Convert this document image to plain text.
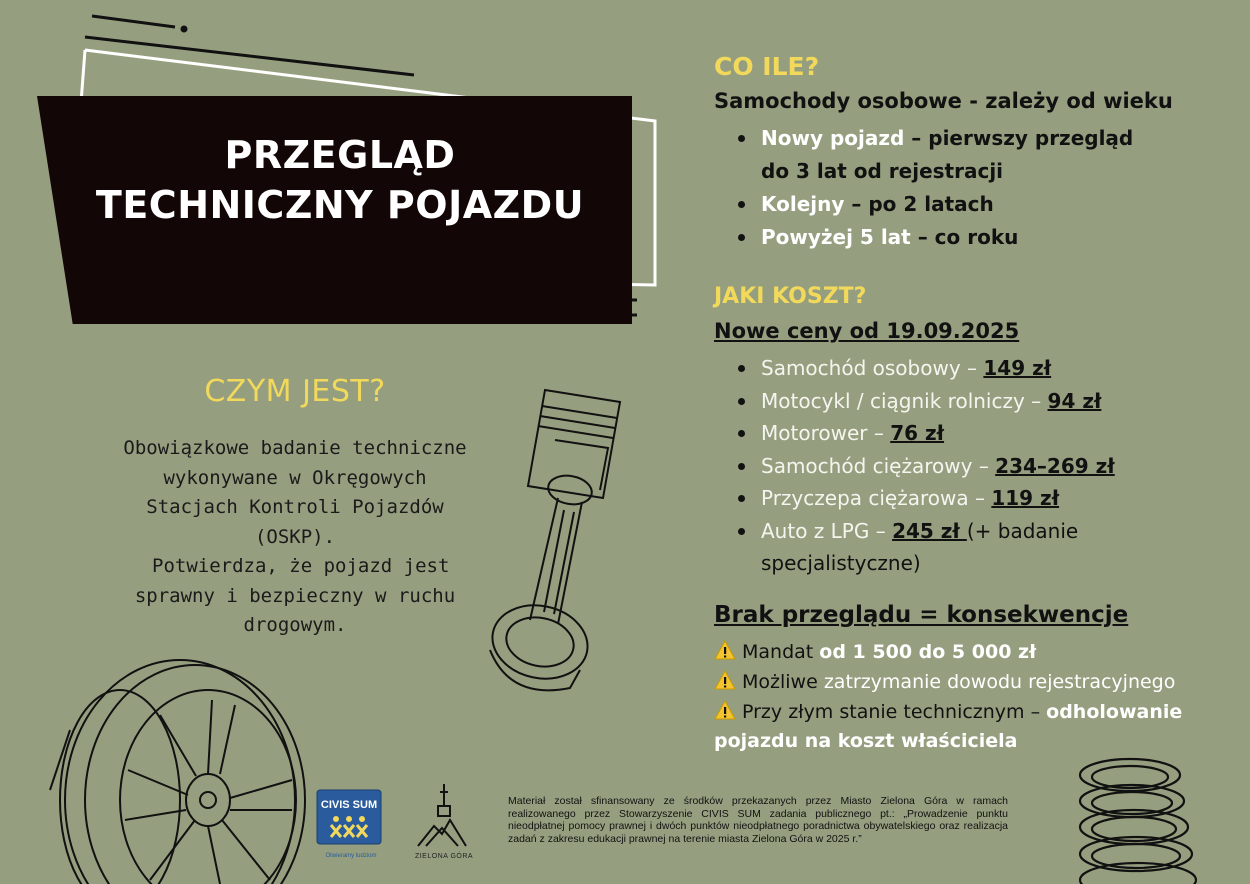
PRZEGLĄD
TECHNICZNY POJAZDU
CZYM JEST?
Obowiązkowe badanie techniczne
wykonywane w Okręgowych
Stacjach Kontroli Pojazdów
(OSKP).
Potwierdza, że pojazd jest
sprawny i bezpieczny w ruchu
drogowym.
CO ILE?
Samochody osobowe - zależy od wieku
Nowy pojazd – pierwszy przegląd
do 3 lat od rejestracji
Kolejny – po 2 latach
Powyżej 5 lat – co roku
JAKI KOSZT?
Nowe ceny od 19.09.2025
Samochód osobowy – 149 zł
Motocykl / ciągnik rolniczy – 94 zł
Motorower – 76 zł
Samochód ciężarowy – 234–269 zł
Przyczepa ciężarowa – 119 zł
Auto z LPG – 245 zł (+ badanie
specjalistyczne)
Brak przeglądu = konsekwencje
Mandat od 1 500 do 5 000 zł
Możliwe zatrzymanie dowodu rejestracyjnego
Przy złym stanie technicznym – odholowanie
pojazdu na koszt właściciela
CIVIS SUM
Otwieramy ludziom	ZIELONA GÓRA
Materiał został sfinansowany ze środków przekazanych przez Miasto Zielona Góra w ramach realizowanego przez Stowarzyszenie CIVIS SUM zadania publicznego pt.: „Prowadzenie punktu nieodpłatnej pomocy prawnej i dwóch punktów nieodpłatnego poradnictwa obywatelskiego oraz realizacja zadań z zakresu edukacji prawnej na terenie miasta Zielona Góra w 2025 r.”
